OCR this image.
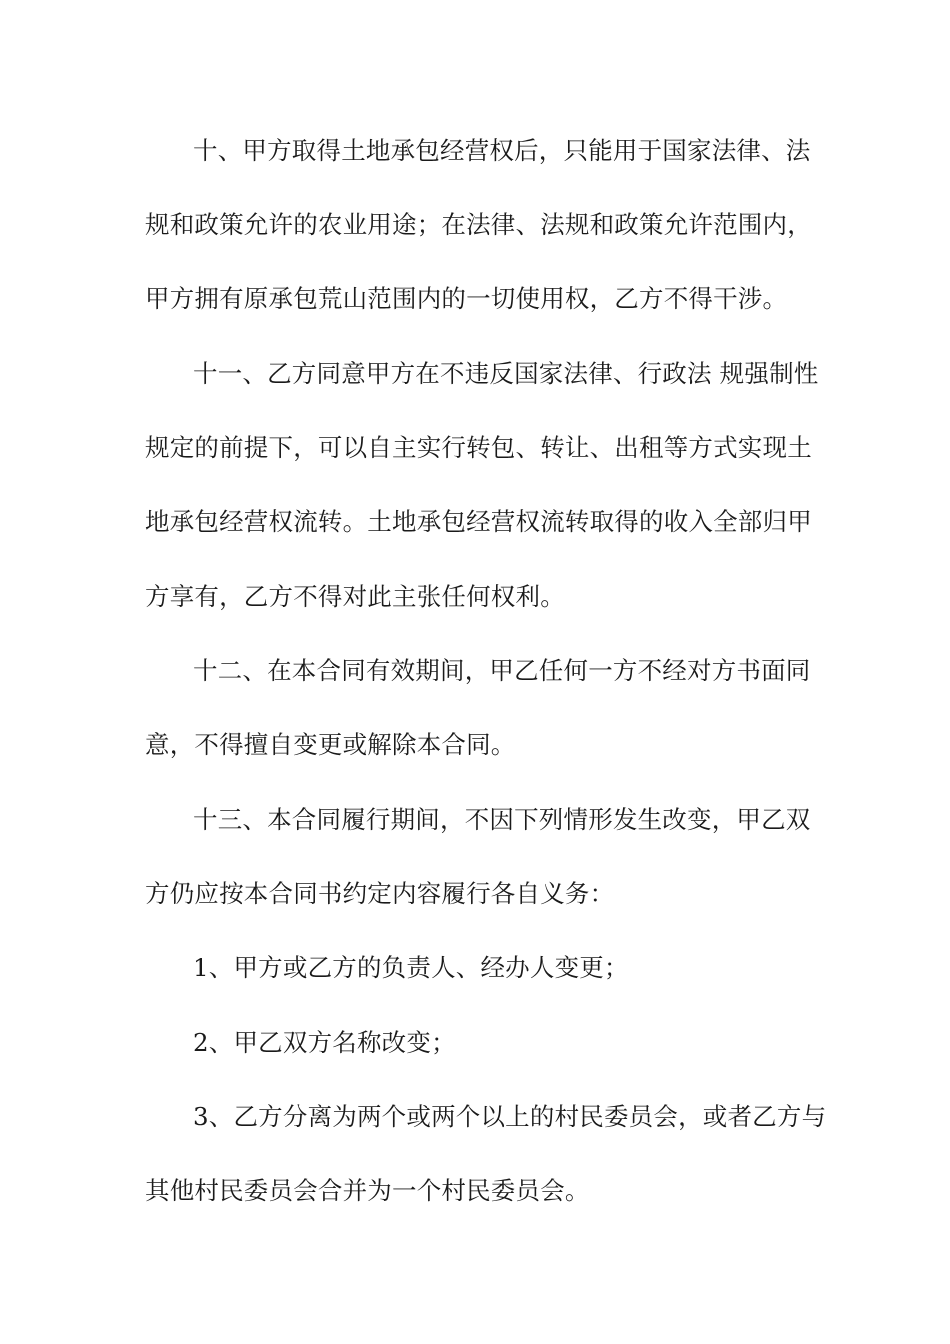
十、甲方取得土地承包经营权后，只能用于国家法律、法
规和政策允许的农业用途；在法律、法规和政策允许范围内，
甲方拥有原承包荒山范围内的一切使用权，乙方不得干涉。
十一、乙方同意甲方在不违反国家法律、行政法 规强制性
规定的前提下，可以自主实行转包、转让、出租等方式实现土
地承包经营权流转。土地承包经营权流转取得的收入全部归甲
方享有，乙方不得对此主张任何权利。
十二、在本合同有效期间，甲乙任何一方不经对方书面同
意，不得擅自变更或解除本合同。
十三、本合同履行期间，不因下列情形发生改变，甲乙双
方仍应按本合同书约定内容履行各自义务：
1、甲方或乙方的负责人、经办人变更；
2、甲乙双方名称改变；
3、乙方分离为两个或两个以上的村民委员会，或者乙方与
其他村民委员会合并为一个村民委员会。
